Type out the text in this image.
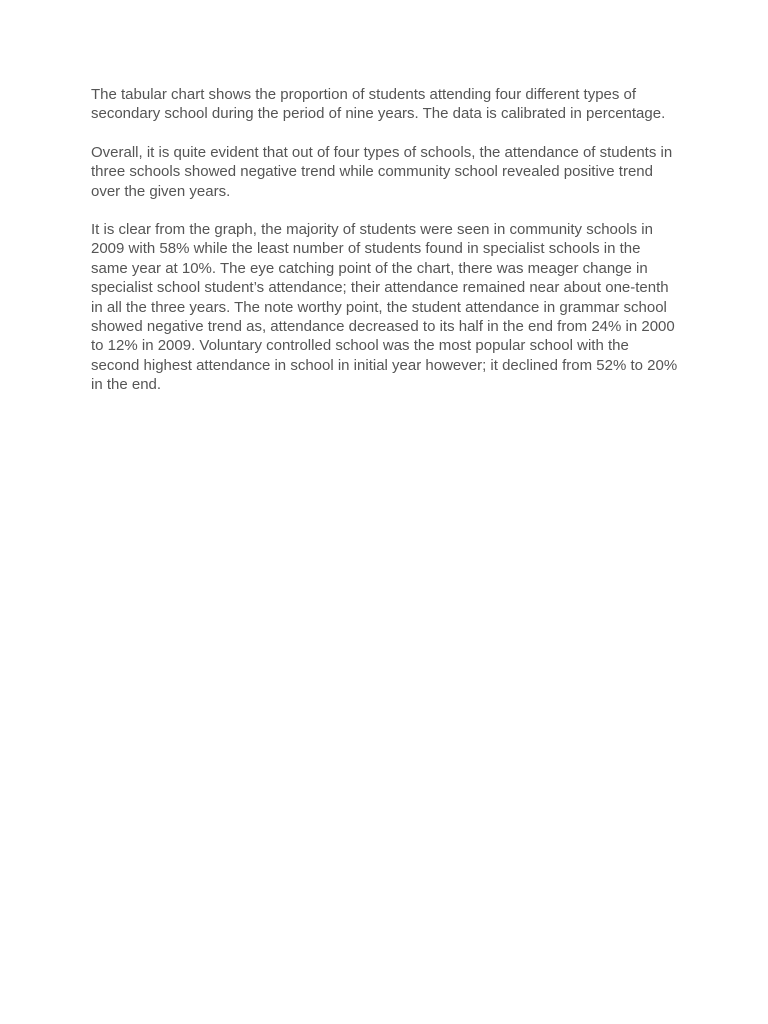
The tabular chart shows the proportion of students attending four different types of secondary school during the period of nine years. The data is calibrated in percentage.

Overall, it is quite evident that out of four types of schools, the attendance of students in three schools showed negative trend while community school revealed positive trend over the given years.

It is clear from the graph, the majority of students were seen in community schools in 2009 with 58% while the least number of students found in specialist schools in the same year at 10%. The eye catching point of the chart, there was meager change in specialist school student’s attendance; their attendance remained near about one-tenth in all the three years. The note worthy point, the student attendance in grammar school showed negative trend as, attendance decreased to its half in the end from 24% in 2000 to 12% in 2009. Voluntary controlled school was the most popular school with the second highest attendance in school in initial year however; it declined from 52% to 20% in the end.
